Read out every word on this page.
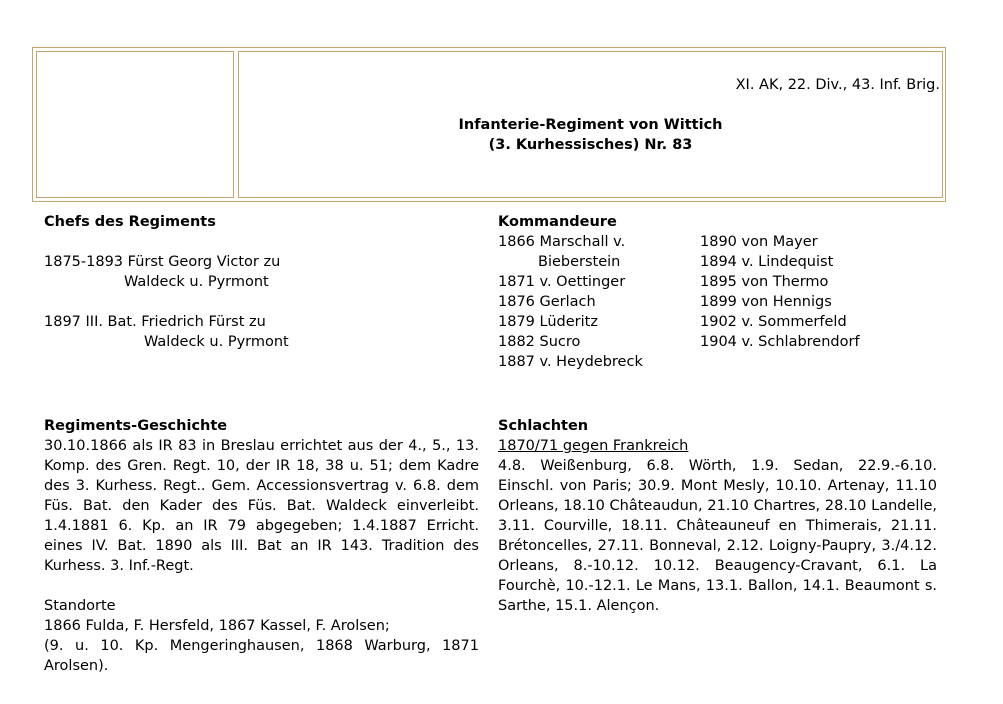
XI. AK, 22. Div., 43. Inf. Brig.
Infanterie-Regiment von Wittich
(3. Kurhessisches) Nr. 83
Chefs des Regiments
1875-1893 Fürst Georg Victor zu
Waldeck u. Pyrmont
1897 III. Bat. Friedrich Fürst zu
Waldeck u. Pyrmont
Kommandeure
1866 Marschall v.
Bieberstein
1871 v. Oettinger
1876 Gerlach
1879 Lüderitz
1882 Sucro
1887 v. Heydebreck
1890 von Mayer
1894 v. Lindequist
1895 von Thermo
1899 von Hennigs
1902 v. Sommerfeld
1904 v. Schlabrendorf
Regiments-Geschichte
30.10.1866 als IR 83 in Breslau errichtet aus der 4., 5., 13. Komp. des Gren. Regt. 10, der IR 18, 38 u. 51; dem Kadre des 3. Kurhess. Regt.. Gem. Accessionsvertrag v. 6.8. dem Füs. Bat. den Kader des Füs. Bat. Waldeck einverleibt. 1.4.1881 6. Kp. an IR 79 abgegeben; 1.4.1887 Erricht. eines IV. Bat. 1890 als III. Bat an IR 143. Tradition des Kurhess. 3. Inf.-Regt.
Standorte
1866 Fulda, F. Hersfeld, 1867 Kassel, F. Arolsen;
(9. u. 10. Kp. Mengeringhausen, 1868 Warburg, 1871 Arolsen).
Schlachten
1870/71 gegen Frankreich
4.8. Weißenburg, 6.8. Wörth, 1.9. Sedan, 22.9.-6.10. Einschl. von Paris; 30.9. Mont Mesly, 10.10. Artenay, 11.10 Orleans, 18.10 Châteaudun, 21.10 Chartres, 28.10 Landelle, 3.11. Courville, 18.11. Châteauneuf en Thimerais, 21.11. Brétoncelles, 27.11. Bonneval, 2.12. Loigny-Paupry, 3./4.12. Orleans, 8.-10.12. 10.12. Beaugency-Cravant, 6.1. La Fourchè, 10.-12.1. Le Mans, 13.1. Ballon, 14.1. Beaumont s. Sarthe, 15.1. Alençon.
